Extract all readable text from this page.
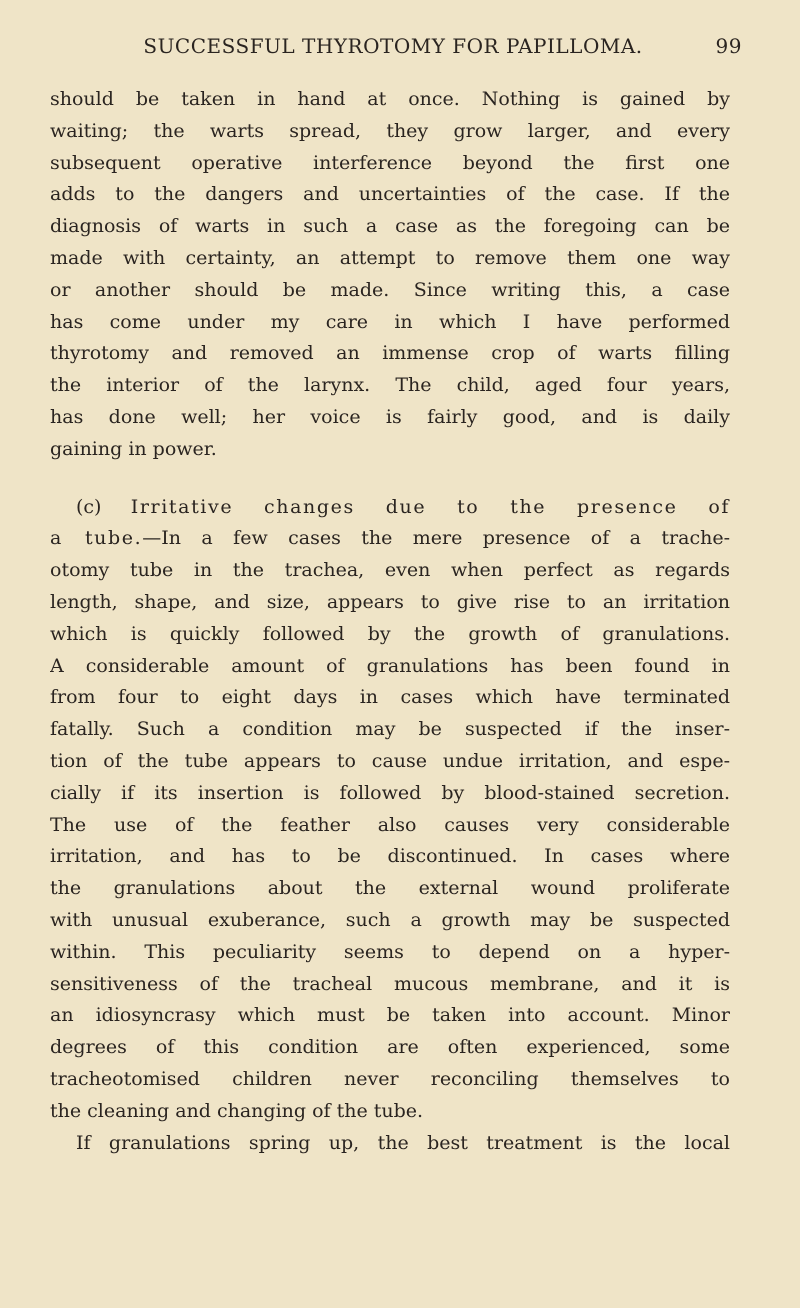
SUCCESSFUL THYROTOMY FOR PAPILLOMA.	99
should be taken in hand at once. Nothing is gained by
waiting; the warts spread, they grow larger, and every
subsequent operative interference beyond the first one
adds to the dangers and uncertainties of the case. If the
diagnosis of warts in such a case as the foregoing can be
made with certainty, an attempt to remove them one way
or another should be made. Since writing this, a case
has come under my care in which I have performed
thyrotomy and removed an immense crop of warts filling
the interior of the larynx. The child, aged four years,
has done well; her voice is fairly good, and is daily
gaining in power.
(c) Irritative changes due to the presence of
a tube.—In a few cases the mere presence of a trache-
otomy tube in the trachea, even when perfect as regards
length, shape, and size, appears to give rise to an irritation
which is quickly followed by the growth of granulations.
A considerable amount of granulations has been found in
from four to eight days in cases which have terminated
fatally. Such a condition may be suspected if the inser-
tion of the tube appears to cause undue irritation, and espe-
cially if its insertion is followed by blood-stained secretion.
The use of the feather also causes very considerable
irritation, and has to be discontinued. In cases where
the granulations about the external wound proliferate
with unusual exuberance, such a growth may be suspected
within. This peculiarity seems to depend on a hyper-
sensitiveness of the tracheal mucous membrane, and it is
an idiosyncrasy which must be taken into account. Minor
degrees of this condition are often experienced, some
tracheotomised children never reconciling themselves to
the cleaning and changing of the tube.
If granulations spring up, the best treatment is the local
